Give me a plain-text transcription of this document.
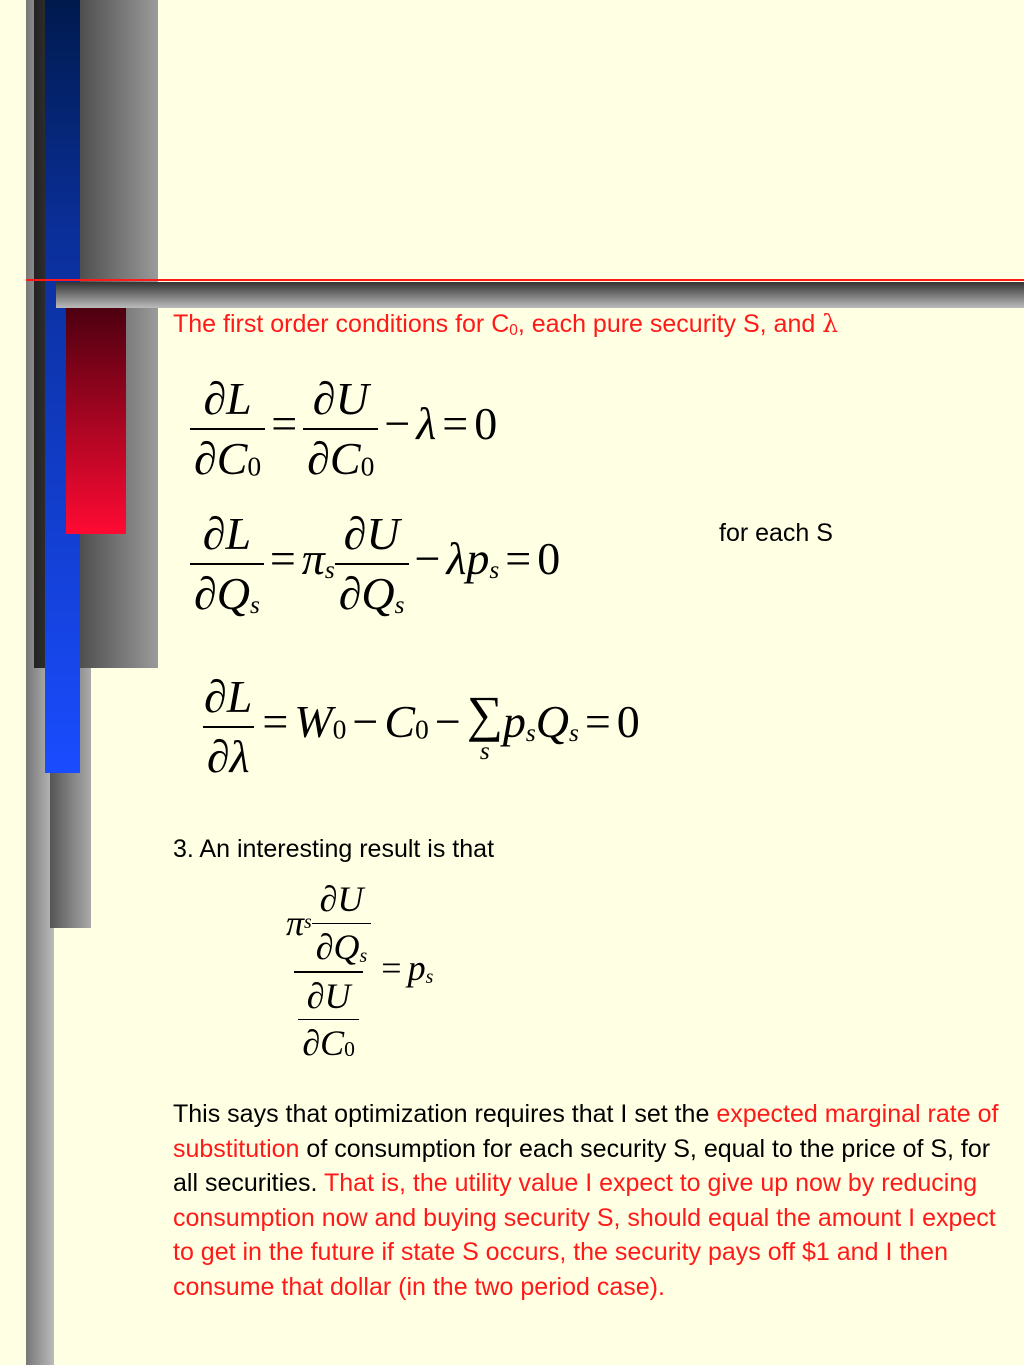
The first order conditions for C0, each pure security S, and λ
$\frac{\partial L}{\partial C0} = \frac{\partial U}{\partial C0} - \lambda = 0$
$\frac{\partial L}{\partial Qs} = \pi s \frac{\partial U}{\partial Qs} - \lambda ps = 0$
for each S
$\frac{\partial L}{\partial\lambda} = W0 - C0$ − ∑
s
psQs = 0
3. An interesting result is that
$\frac{\pi s \frac{\partial U}{\partial Qs}}{\frac{\partial U}{\partial C0}}$ = ps
This says that optimization requires that I set the expected marginal rate of substitution of consumption for each security S, equal to the price of S, for all securities. That is, the utility value I expect to give up now by reducing consumption now and buying security S, should equal the amount I expect to get in the future if state S occurs, the security pays off $1 and I then consume that dollar (in the two period case).
